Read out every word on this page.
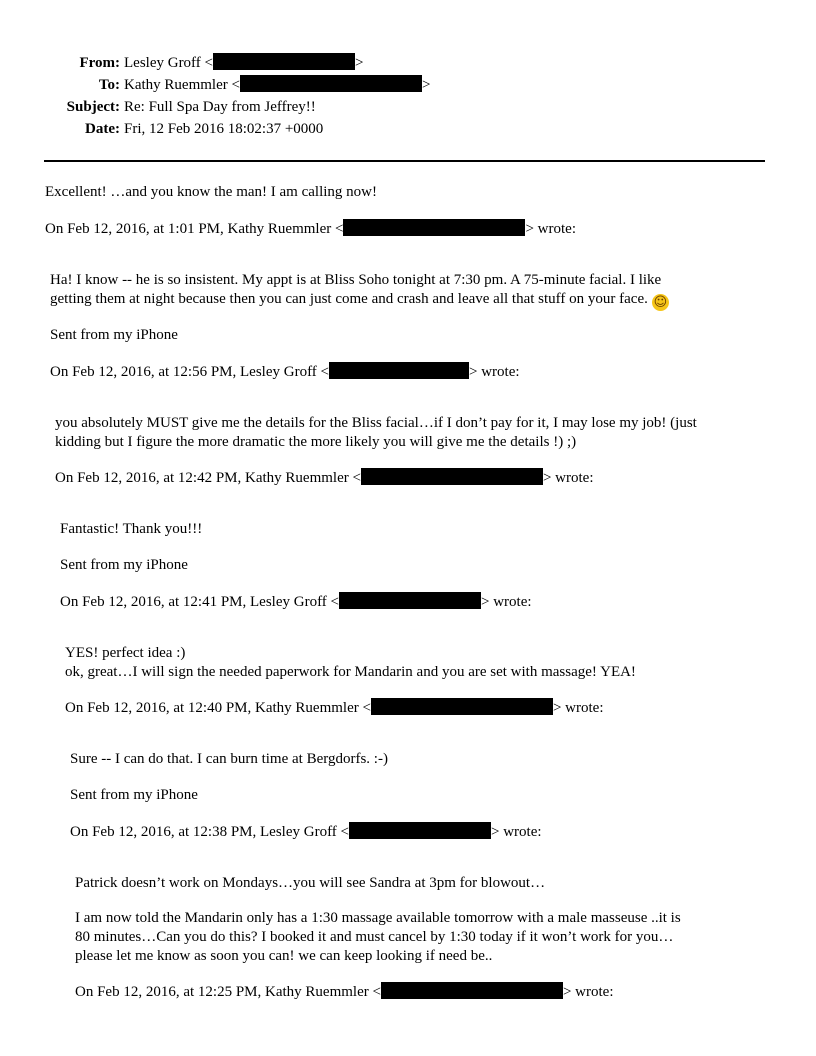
From: Lesley Groff <	>
To: Kathy Ruemmler <	>
Subject: Re: Full Spa Day from Jeffrey!!
Date: Fri, 12 Feb 2016 18:02:37 +0000
Excellent! …and you know the man! I am calling now!
On Feb 12, 2016, at 1:01 PM, Kathy Ruemmler <	> wrote:
Ha! I know -- he is so insistent. My appt is at Bliss Soho tonight at 7:30 pm. A 75-minute facial. I like
getting them at night because then you can just come and crash and leave all that stuff on your face. ☺
Sent from my iPhone
On Feb 12, 2016, at 12:56 PM, Lesley Groff <	> wrote:
you absolutely MUST give me the details for the Bliss facial…if I don’t pay for it, I may lose my job! (just
kidding but I figure the more dramatic the more likely you will give me the details !) ;)
On Feb 12, 2016, at 12:42 PM, Kathy Ruemmler <	> wrote:
Fantastic! Thank you!!!
Sent from my iPhone
On Feb 12, 2016, at 12:41 PM, Lesley Groff <	> wrote:
YES! perfect idea :)
ok, great…I will sign the needed paperwork for Mandarin and you are set with massage! YEA!
On Feb 12, 2016, at 12:40 PM, Kathy Ruemmler <	> wrote:
Sure -- I can do that. I can burn time at Bergdorfs. :-)
Sent from my iPhone
On Feb 12, 2016, at 12:38 PM, Lesley Groff <	> wrote:
Patrick doesn’t work on Mondays…you will see Sandra at 3pm for blowout…
I am now told the Mandarin only has a 1:30 massage available tomorrow with a male masseuse ..it is
80 minutes…Can you do this? I booked it and must cancel by 1:30 today if it won’t work for you…
please let me know as soon you can! we can keep looking if need be..
On Feb 12, 2016, at 12:25 PM, Kathy Ruemmler <	> wrote:
